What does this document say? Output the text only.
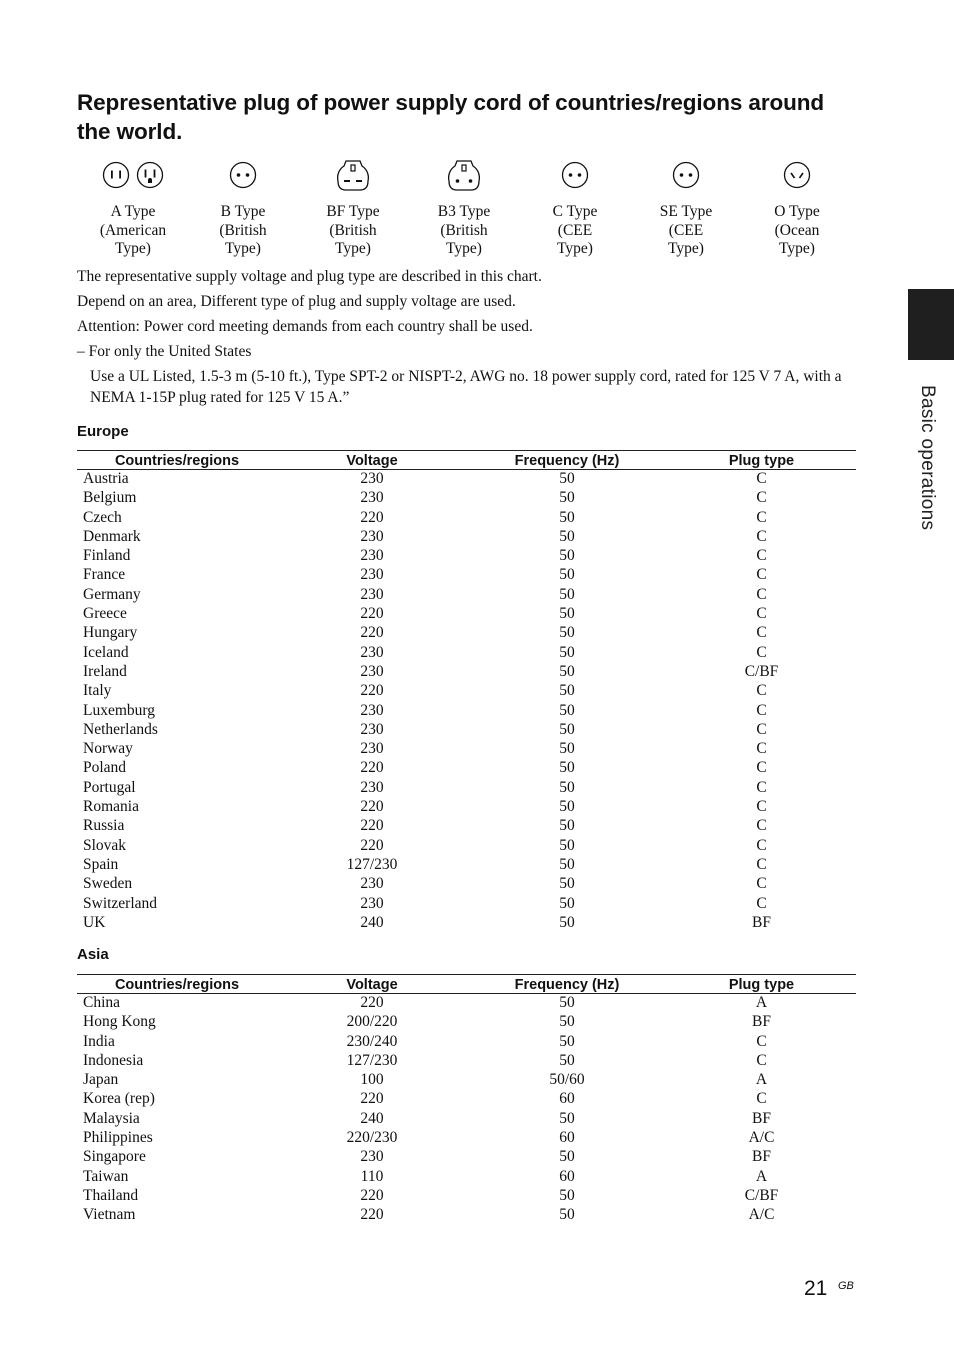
Representative plug of power supply cord of countries/regions around the world.
A Type
(American
Type)
B Type
(British
Type)
BF Type
(British
Type)
B3 Type
(British
Type)
C Type
(CEE
Type)
SE Type
(CEE
Type)
O Type
(Ocean
Type)

The representative supply voltage and plug type are described in this chart.

Depend on an area, Different type of plug and supply voltage are used.

Attention: Power cord meeting demands from each country shall be used.

– For only the United States

Use a UL Listed, 1.5-3 m (5-10 ft.), Type SPT-2 or NISPT-2, AWG no. 18 power supply cord, rated for 125 V 7 A, with a NEMA 1-15P plug rated for 125 V 15 A.”

Europe
Countries/regions	Voltage	Frequency (Hz)	Plug type
Austria	230	50	C
Belgium	230	50	C
Czech	220	50	C
Denmark	230	50	C
Finland	230	50	C
France	230	50	C
Germany	230	50	C
Greece	220	50	C
Hungary	220	50	C
Iceland	230	50	C
Ireland	230	50	C/BF
Italy	220	50	C
Luxemburg	230	50	C
Netherlands	230	50	C
Norway	230	50	C
Poland	220	50	C
Portugal	230	50	C
Romania	220	50	C
Russia	220	50	C
Slovak	220	50	C
Spain	127/230	50	C
Sweden	230	50	C
Switzerland	230	50	C
UK	240	50	BF
Asia
Countries/regions	Voltage	Frequency (Hz)	Plug type
China	220	50	A
Hong Kong	200/220	50	BF
India	230/240	50	C
Indonesia	127/230	50	C
Japan	100	50/60	A
Korea (rep)	220	60	C
Malaysia	240	50	BF
Philippines	220/230	60	A/C
Singapore	230	50	BF
Taiwan	110	60	A
Thailand	220	50	C/BF
Vietnam	220	50	A/C
Basic operations
21 GB
